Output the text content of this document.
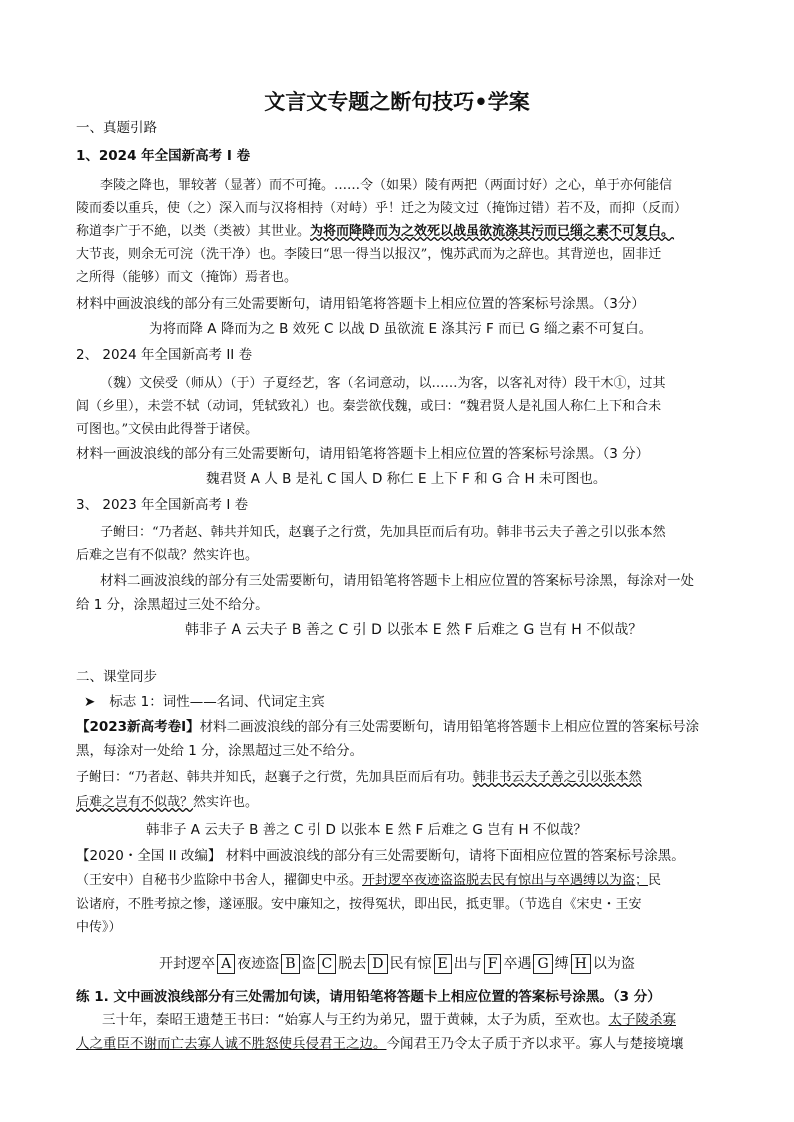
文言文专题之断句技巧•学案
一、真题引路
1、2024 年全国新高考 I 卷
李陵之降也，罪较著（显著）而不可掩。……令（如果）陵有两把（两面讨好）之心，单于亦何能信
陵而委以重兵，使（之）深入而与汉将相持（对峙）乎！迁之为陵文过（掩饰过错）若不及，而抑（反而）
称道李广于不絶，以类（类被）其世业。为将而降降而为之效死以战虽欲流涤其污而已缁之素不可复白。
大节丧，则余无可浣（洗干净）也。李陵曰“思一得当以报汉”，愧苏武而为之辞也。其背逆也，固非迁
之所得（能够）而文（掩饰）焉者也。
材料中画波浪线的部分有三处需要断句，请用铅笔将答题卡上相应位置的答案标号涂黑。（3分）
为将而降 A 降而为之 B 效死 C 以战 D 虽欲流 E 涤其污 F 而已 G 缁之素不可复白。
2、 2024 年全国新高考 II 卷
（魏）文侯受（师从）（于）子夏经艺，客（名词意动，以……为客，以客礼对待）段干木①，过其
闾（乡里），未尝不轼（动词，凭轼致礼）也。秦尝欲伐魏，或曰：“魏君贤人是礼国人称仁上下和合未
可图也。”文侯由此得誉于诸侯。
材料一画波浪线的部分有三处需要断句，请用铅笔将答题卡上相应位置的答案标号涂黑。（3 分）
魏君贤 A 人 B 是礼 C 国人 D 称仁 E 上下 F 和 G 合 H 未可图也。
3、 2023 年全国新高考 I 卷
子鲋曰：“乃者赵、韩共并知氏，赵襄子之行赏，先加具臣而后有功。韩非书云夫子善之引以张本然
后难之岂有不似哉？然实许也。
材料二画波浪线的部分有三处需要断句，请用铅笔将答题卡上相应位置的答案标号涂黑，每涂对一处
给 1 分，涂黑超过三处不给分。
韩非子 A 云夫子 B 善之 C 引 D 以张本 E 然 F 后难之 G 岂有 H 不似哉？
二、课堂同步
➤ 标志 1：词性——名词、代词定主宾
【2023新高考卷Ⅰ】材料二画波浪线的部分有三处需要断句，请用铅笔将答题卡上相应位置的答案标号涂
黑，每涂对一处给 1 分，涂黑超过三处不给分。
子鲋曰：“乃者赵、韩共并知氏，赵襄子之行赏，先加具臣而后有功。韩非书云夫子善之引以张本然
后难之岂有不似哉？然实许也。
韩非子 A 云夫子 B 善之 C 引 D 以张本 E 然 F 后难之 G 岂有 H 不似哉？
【2020・全国 II 改编】 材料中画波浪线的部分有三处需要断句，请将下面相应位置的答案标号涂黑。
（王安中）自秘书少监除中书舍人，擢御史中丞。开封逻卒夜迹盗盗脱去民有惊出与卒遇缚以为盗；民
讼诸府，不胜考掠之惨，遂诬服。安中廉知之，按得冤状，即出民，抵吏罪。（节选自《宋史・王安
中传》）
开封逻卒 A 夜迹盗 B 盗 C 脱去 D 民有惊 E 出与 F 卒遇 G 缚 H 以为盗
练 1. 文中画波浪线部分有三处需加句读，请用铅笔将答题卡上相应位置的答案标号涂黑。（3 分）
三十年，秦昭王遗楚王书曰：“始寡人与王约为弟兄，盟于黄棘，太子为质，至欢也。太子陵杀寡
人之重臣不谢而亡去寡人诚不胜怒使兵侵君王之边。今闻君王乃令太子质于齐以求平。寡人与楚接境壤
